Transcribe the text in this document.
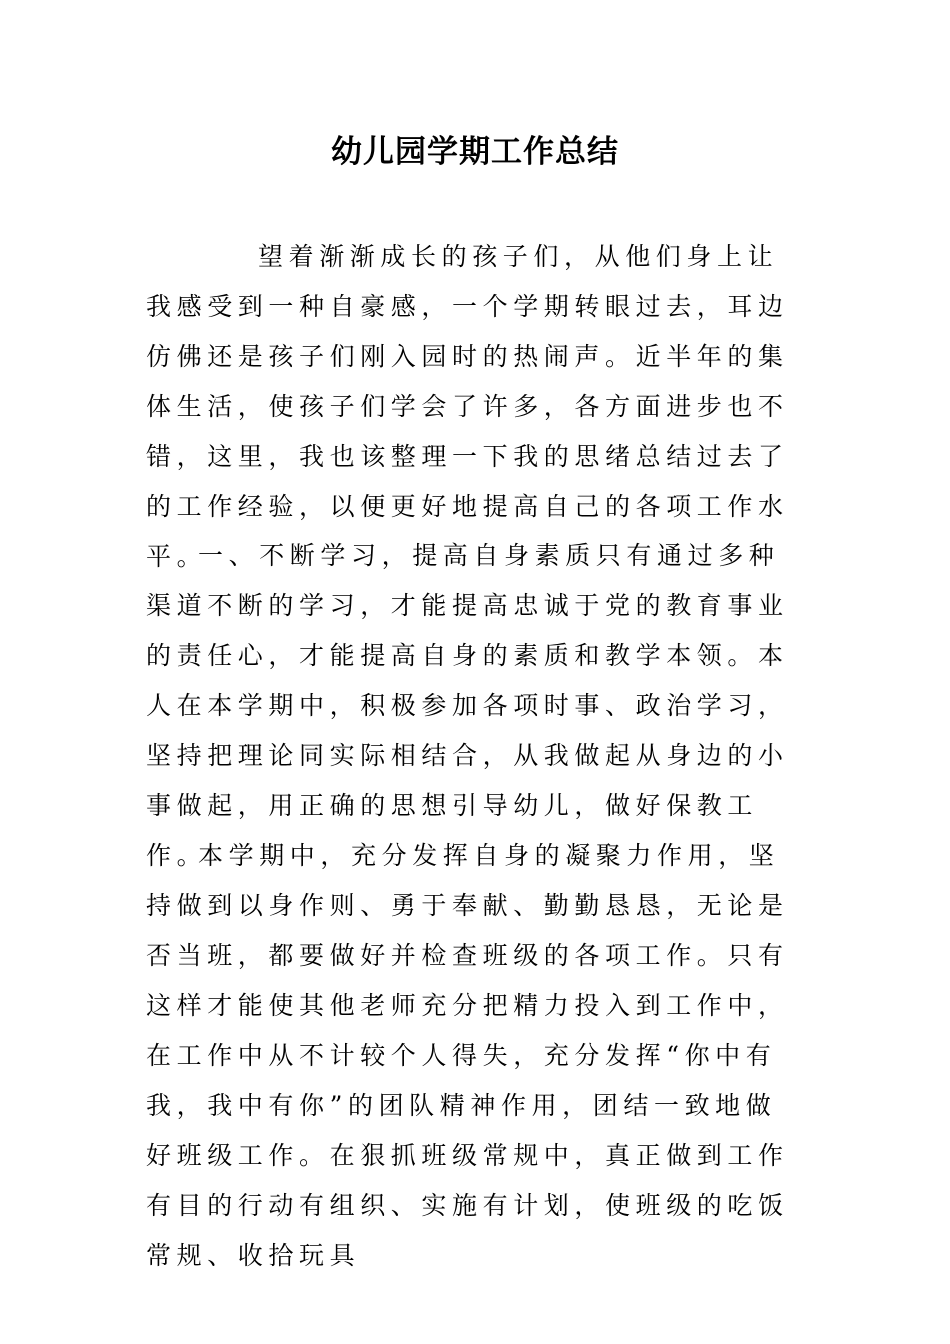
幼儿园学期工作总结

望着渐渐成长的孩子们，从他们身上让我感受到一种自豪感，一个学期转眼过去，耳边仿佛还是孩子们刚入园时的热闹声。近半年的集体生活，使孩子们学会了许多，各方面进步也不错，这里，我也该整理一下我的思绪总结过去了的工作经验，以便更好地提高自己的各项工作水平。

一、不断学习，提高自身素质只有通过多种渠道不断的学习，才能提高忠诚于党的教育事业的责任心，才能提高自身的素质和教学本领。本人在本学期中，积极参加各项时事、政治学习，坚持把理论同实际相结合，从我做起从身边的小事做起，用正确的思想引导幼儿，做好保教工作。

本学期中，充分发挥自身的凝聚力作用，坚持做到以身作则、勇于奉献、勤勤恳恳，无论是否当班，都要做好并检查班级的各项工作。只有这样才能使其他老师充分把精力投入到工作中，在工作中从不计较个人得失，充分发挥“你中有我，我中有你”的团队精神作用，团结一致地做好班级工作。在狠抓班级常规中，真正做到工作有目的行动有组织、实施有计划，使班级的吃饭常规、收拾玩具
